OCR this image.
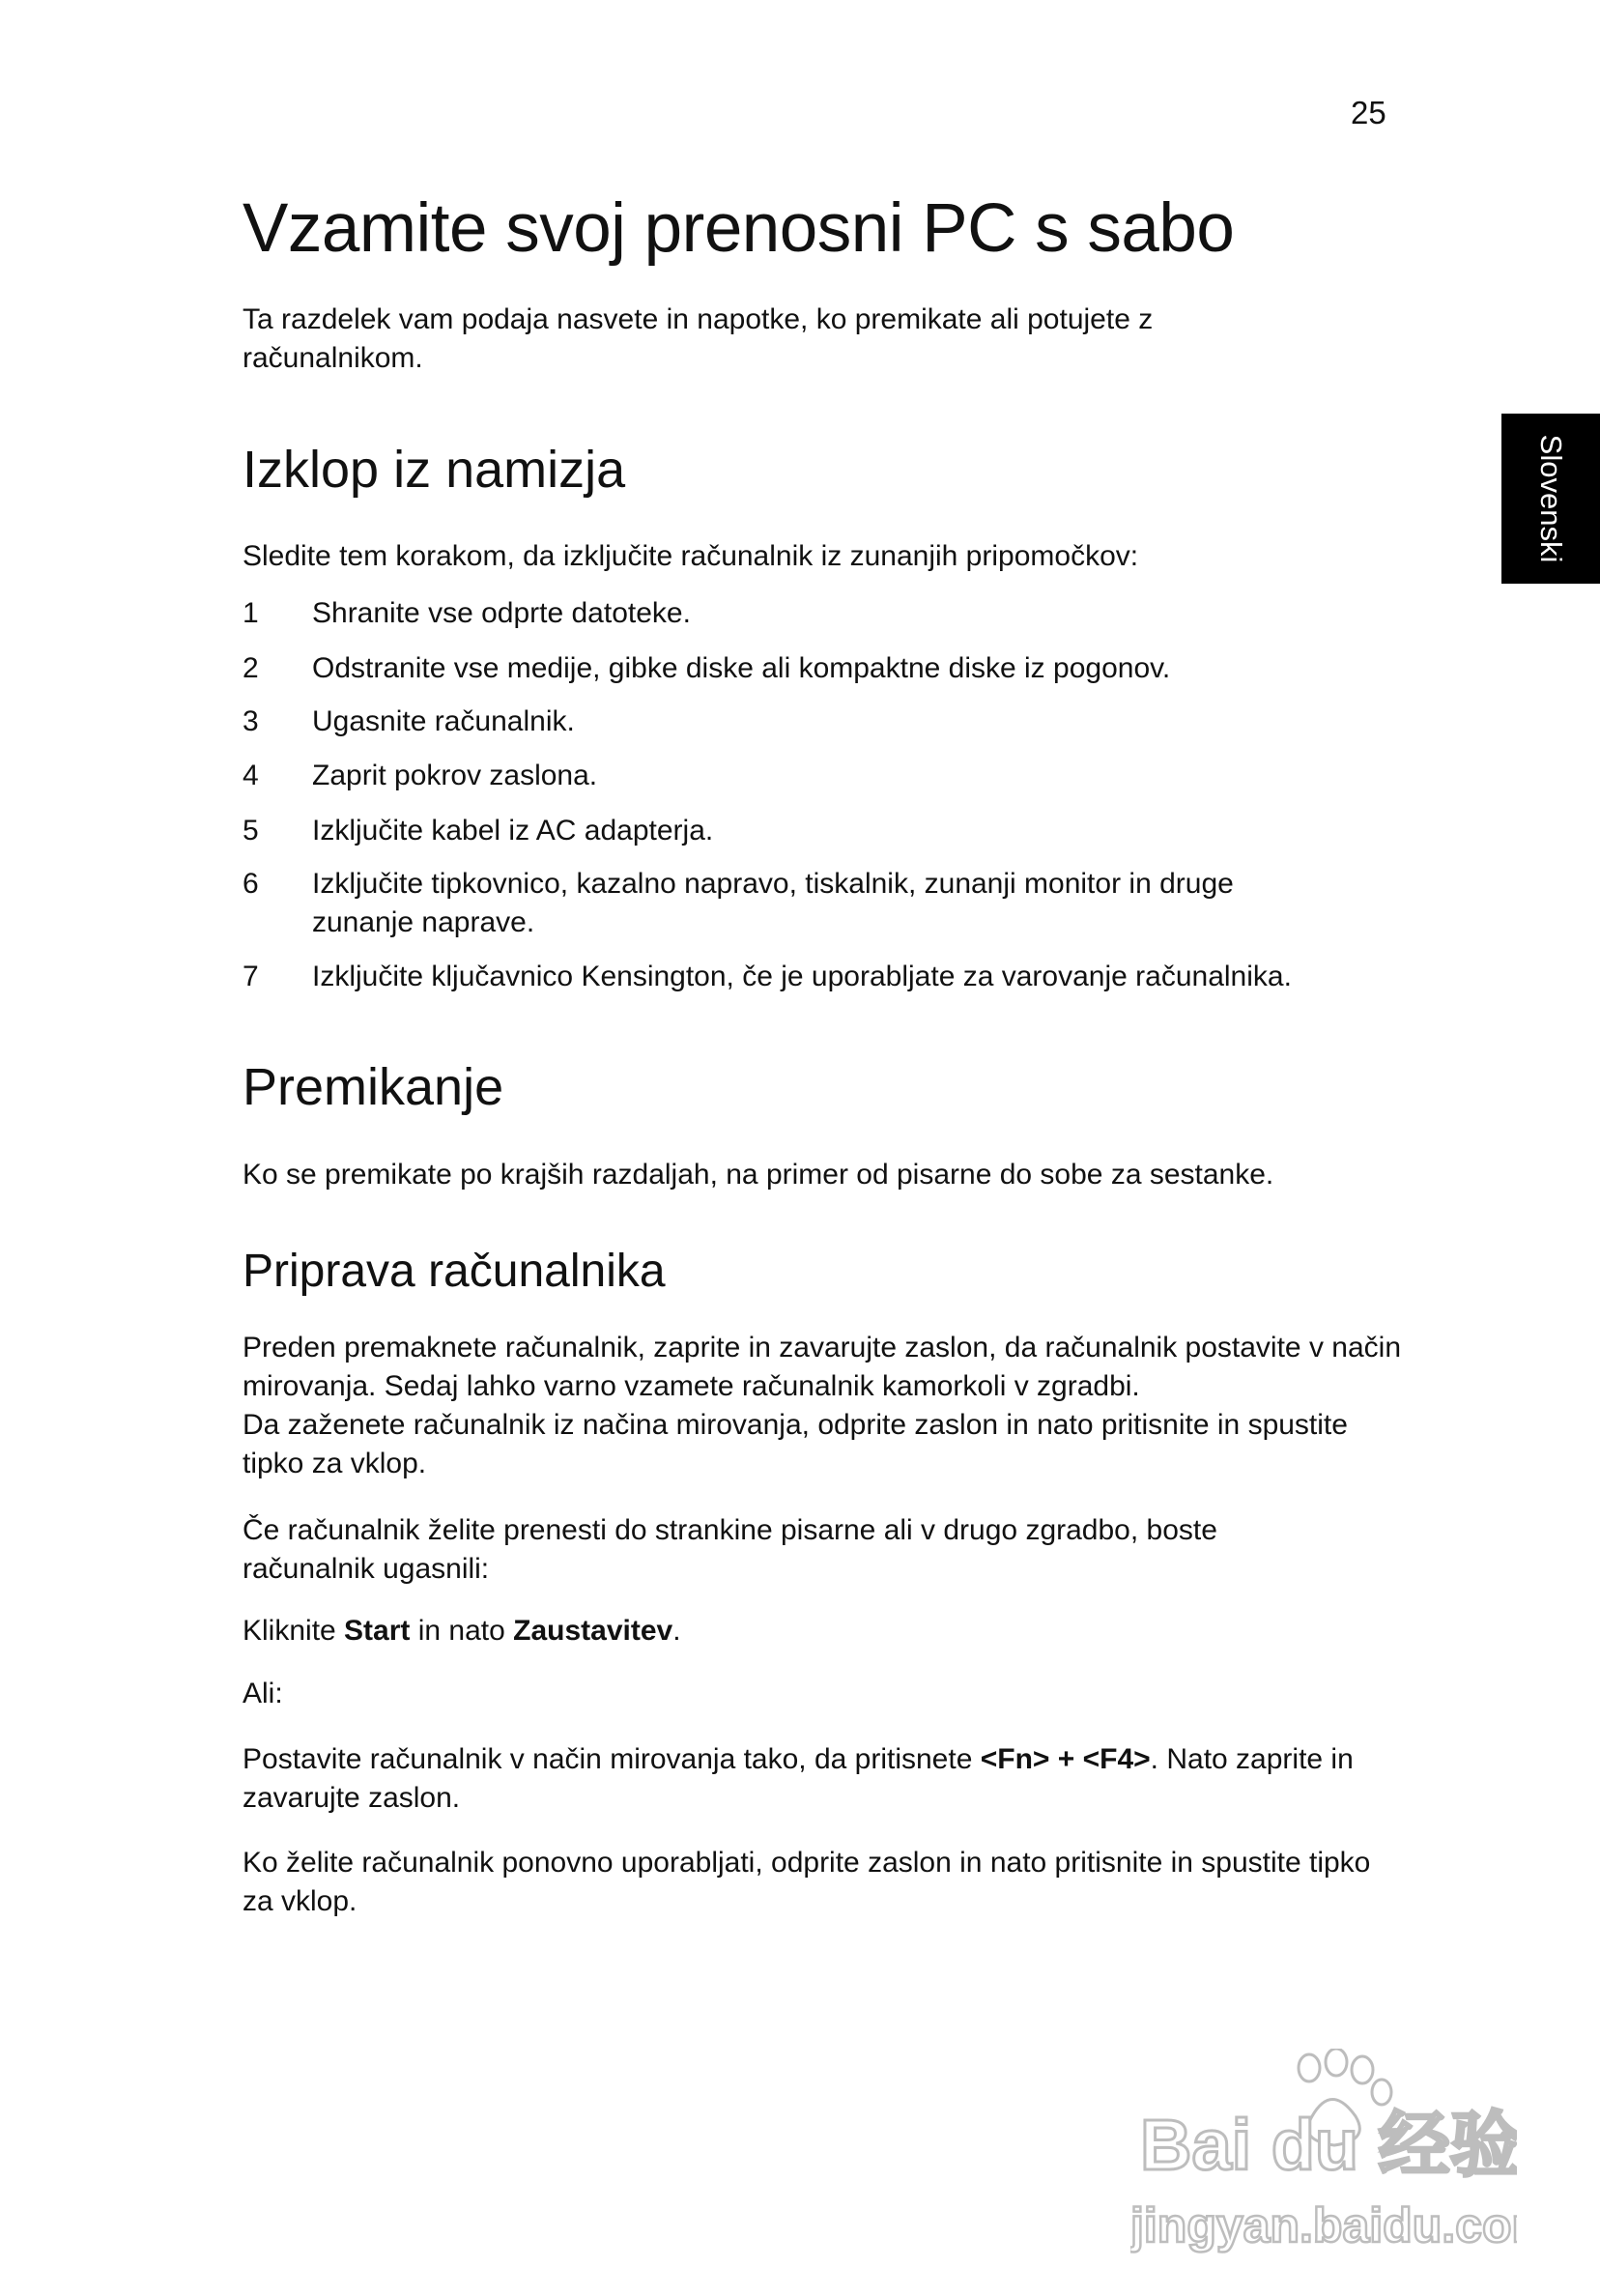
25
Slovenski
Vzamite svoj prenosni PC s sabo

Ta razdelek vam podaja nasvete in napotke, ko premikate ali potujete z računalnikom.

Izklop iz namizja

Sledite tem korakom, da izključite računalnik iz zunanjih pripomočkov:

1 Shranite vse odprte datoteke.
2 Odstranite vse medije, gibke diske ali kompaktne diske iz pogonov.
3 Ugasnite računalnik.
4 Zaprit pokrov zaslona.
5 Izključite kabel iz AC adapterja.
6 Izključite tipkovnico, kazalno napravo, tiskalnik, zunanji monitor in druge zunanje naprave.
7 Izključite ključavnico Kensington, če je uporabljate za varovanje računalnika.
Premikanje

Ko se premikate po krajših razdaljah, na primer od pisarne do sobe za sestanke.

Priprava računalnika

Preden premaknete računalnik, zaprite in zavarujte zaslon, da računalnik postavite v način mirovanja. Sedaj lahko varno vzamete računalnik kamorkoli v zgradbi.

Da zaženete računalnik iz načina mirovanja, odprite zaslon in nato pritisnite in spustite tipko za vklop.

Če računalnik želite prenesti do strankine pisarne ali v drugo zgradbo, boste računalnik ugasnili:

Kliknite Start in nato Zaustavitev.

Ali:

Postavite računalnik v način mirovanja tako, da pritisnete <Fn> + <F4>. Nato zaprite in zavarujte zaslon.

Ko želite računalnik ponovno uporabljati, odprite zaslon in nato pritisnite in spustite tipko za vklop.

Bai du 经验
jingyan.baidu.com
